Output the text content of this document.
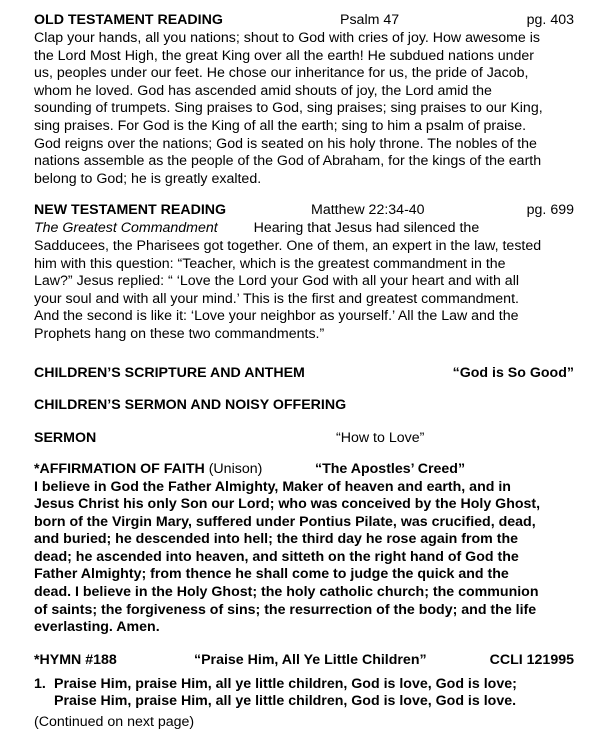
OLD TESTAMENT READING	Psalm 47	pg. 403
Clap your hands, all you nations; shout to God with cries of joy. How awesome is
the Lord Most High, the great King over all the earth! He subdued nations under
us, peoples under our feet. He chose our inheritance for us, the pride of Jacob,
whom he loved. God has ascended amid shouts of joy, the Lord amid the
sounding of trumpets. Sing praises to God, sing praises; sing praises to our King,
sing praises. For God is the King of all the earth; sing to him a psalm of praise.
God reigns over the nations; God is seated on his holy throne. The nobles of the
nations assemble as the people of the God of Abraham, for the kings of the earth
belong to God; he is greatly exalted.
NEW TESTAMENT READING	Matthew 22:34-40	pg. 699
The Greatest Commandment	Hearing that Jesus had silenced the
Sadducees, the Pharisees got together. One of them, an expert in the law, tested
him with this question: “Teacher, which is the greatest commandment in the
Law?” Jesus replied: “ ‘Love the Lord your God with all your heart and with all
your soul and with all your mind.’ This is the first and greatest commandment.
And the second is like it: ‘Love your neighbor as yourself.’ All the Law and the
Prophets hang on these two commandments.”
CHILDREN’S SCRIPTURE AND ANTHEM	“God is So Good”
CHILDREN’S SERMON AND NOISY OFFERING
SERMON	“How to Love”
*AFFIRMATION OF FAITH (Unison)	“The Apostles’ Creed”
I believe in God the Father Almighty, Maker of heaven and earth, and in
Jesus Christ his only Son our Lord; who was conceived by the Holy Ghost,
born of the Virgin Mary, suffered under Pontius Pilate, was crucified, dead,
and buried; he descended into hell; the third day he rose again from the
dead; he ascended into heaven, and sitteth on the right hand of God the
Father Almighty; from thence he shall come to judge the quick and the
dead. I believe in the Holy Ghost; the holy catholic church; the communion
of saints; the forgiveness of sins; the resurrection of the body; and the life
everlasting. Amen.
*HYMN #188	“Praise Him, All Ye Little Children”	CCLI 121995
1. Praise Him, praise Him, all ye little children, God is love, God is love;
Praise Him, praise Him, all ye little children, God is love, God is love.
(Continued on next page)
